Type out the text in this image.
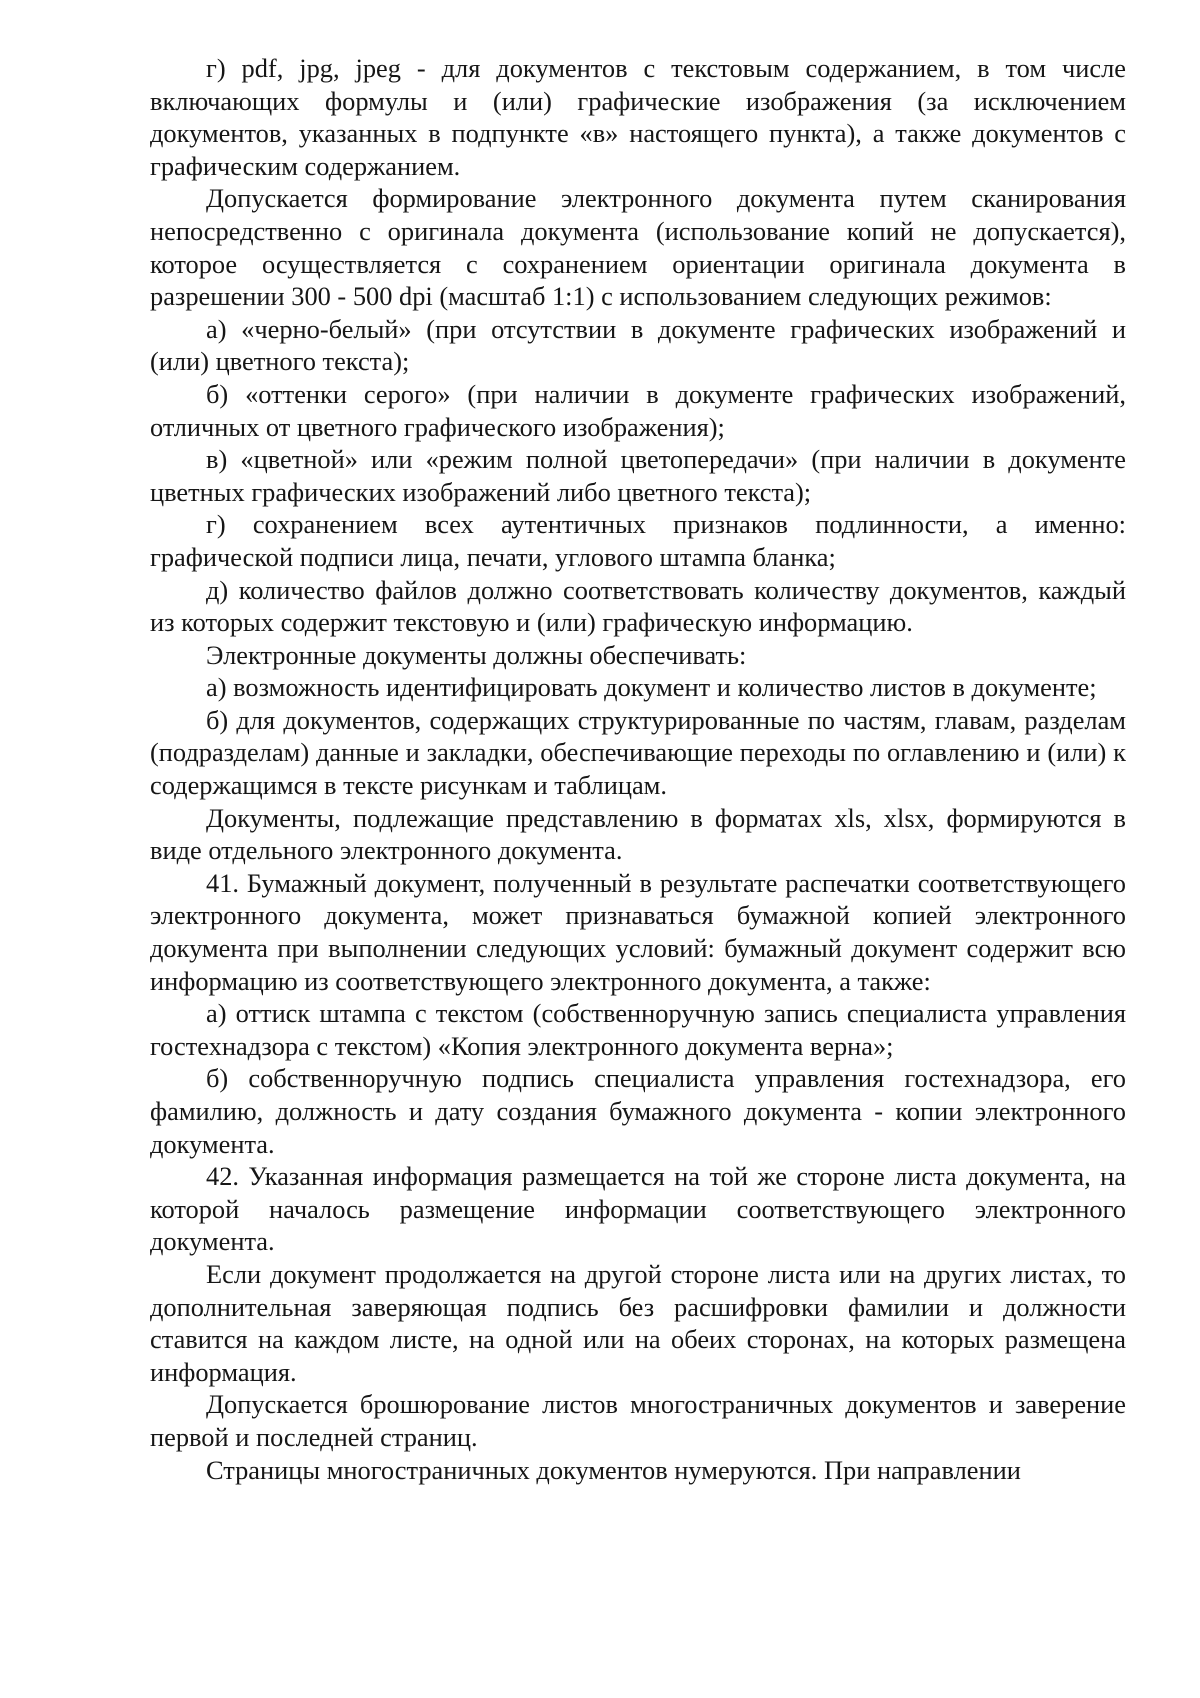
г) pdf, jpg, jpeg - для документов с текстовым содержанием, в том числе включающих формулы и (или) графические изображения (за исключением документов, указанных в подпункте «в» настоящего пункта), а также документов с графическим содержанием.

Допускается формирование электронного документа путем сканирования непосредственно с оригинала документа (использование копий не допускается), которое осуществляется с сохранением ориентации оригинала документа в разрешении 300 - 500 dpi (масштаб 1:1) с использованием следующих режимов:

а) «черно-белый» (при отсутствии в документе графических изображений и (или) цветного текста);

б) «оттенки серого» (при наличии в документе графических изображений, отличных от цветного графического изображения);

в) «цветной» или «режим полной цветопередачи» (при наличии в документе цветных графических изображений либо цветного текста);

г) сохранением всех аутентичных признаков подлинности, а именно: графической подписи лица, печати, углового штампа бланка;

д) количество файлов должно соответствовать количеству документов, каждый из которых содержит текстовую и (или) графическую информацию.

Электронные документы должны обеспечивать:

а) возможность идентифицировать документ и количество листов в документе;

б) для документов, содержащих структурированные по частям, главам, разделам (подразделам) данные и закладки, обеспечивающие переходы по оглавлению и (или) к содержащимся в тексте рисункам и таблицам.

Документы, подлежащие представлению в форматах xls, xlsx, формируются в виде отдельного электронного документа.

41. Бумажный документ, полученный в результате распечатки соответствующего электронного документа, может признаваться бумажной копией электронного документа при выполнении следующих условий: бумажный документ содержит всю информацию из соответствующего электронного документа, а также:

а) оттиск штампа с текстом (собственноручную запись специалиста управления гостехнадзора с текстом) «Копия электронного документа верна»;

б) собственноручную подпись специалиста управления гостехнадзора, его фамилию, должность и дату создания бумажного документа - копии электронного документа.

42. Указанная информация размещается на той же стороне листа документа, на которой началось размещение информации соответствующего электронного документа.

Если документ продолжается на другой стороне листа или на других листах, то дополнительная заверяющая подпись без расшифровки фамилии и должности ставится на каждом листе, на одной или на обеих сторонах, на которых размещена информация.

Допускается брошюрование листов многостраничных документов и заверение первой и последней страниц.

Страницы многостраничных документов нумеруются. При направлении
